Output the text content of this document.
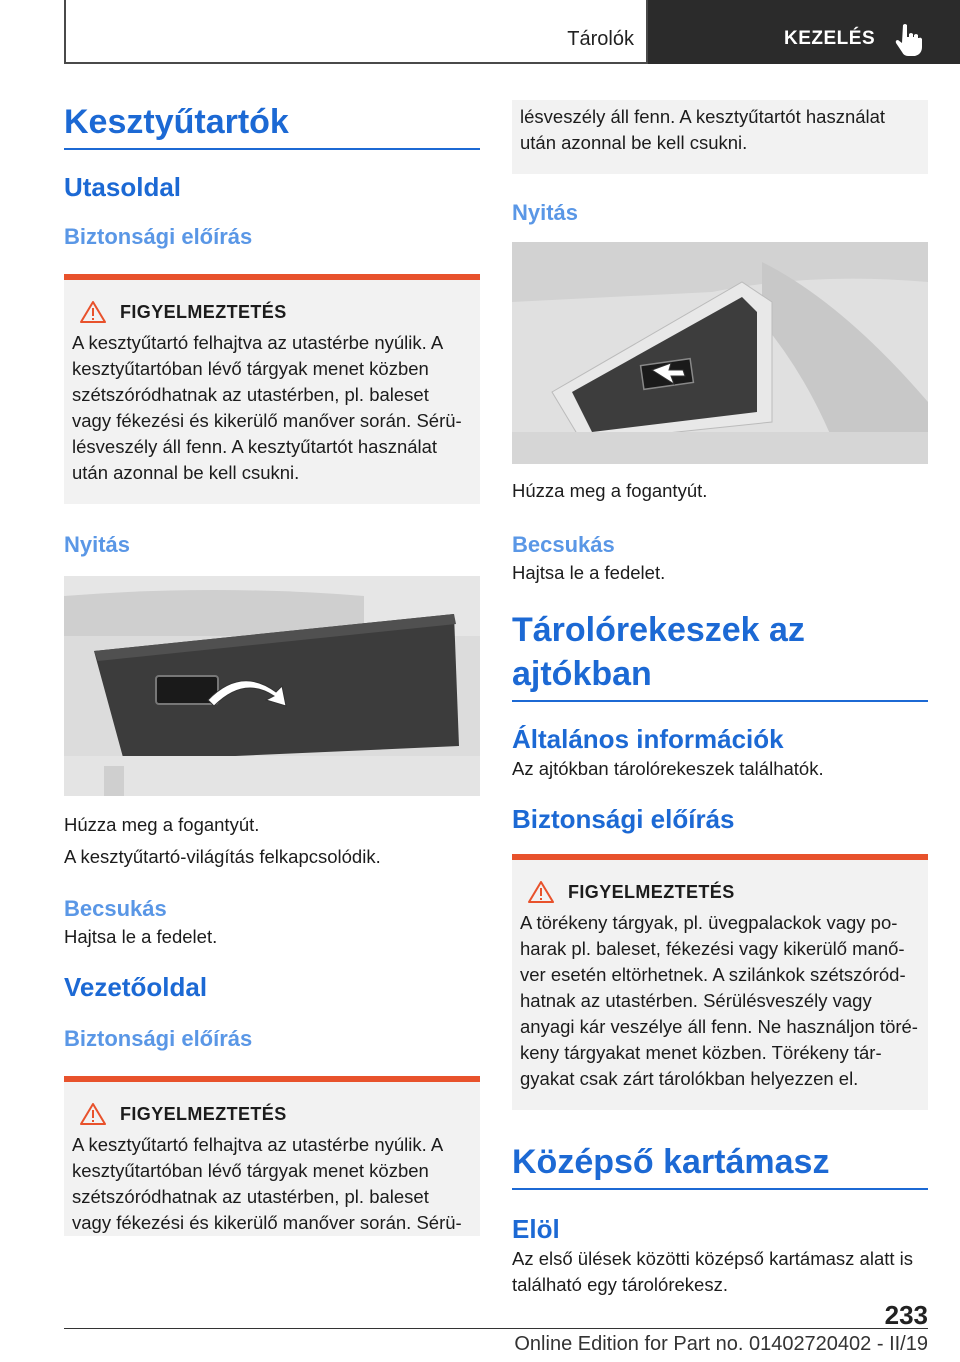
Tárolók	KEZELÉS
Kesztyűtartók
Utasoldal
Biztonsági előírás
FIGYELMEZTETÉS

A kesztyűtartó felhajtva az utastérbe nyúlik. A kesztyűtartóban lévő tárgyak menet közben szétszóródhatnak az utastérben, pl. baleset vagy fékezési és kikerülő manőver során. Sérü-lésveszély áll fenn. A kesztyűtartót használat után azonnal be kell csukni.

Nyitás

Húzza meg a fogantyút.

A kesztyűtartó-világítás felkapcsolódik.

Becsukás

Hajtsa le a fedelet.

Vezetőoldal
Biztonsági előírás
FIGYELMEZTETÉS

A kesztyűtartó felhajtva az utastérbe nyúlik. A kesztyűtartóban lévő tárgyak menet közben szétszóródhatnak az utastérben, pl. baleset vagy fékezési és kikerülő manőver során. Sérü-

lésveszély áll fenn. A kesztyűtartót használat után azonnal be kell csukni.

Nyitás

Húzza meg a fogantyút.

Becsukás

Hajtsa le a fedelet.

Tárolórekeszek az ajtókban
Általános információk

Az ajtókban tárolórekeszek találhatók.

Biztonsági előírás
FIGYELMEZTETÉS

A törékeny tárgyak, pl. üvegpalackok vagy po-harak pl. baleset, fékezési vagy kikerülő manő-ver esetén eltörhetnek. A szilánkok szétszóród-hatnak az utastérben. Sérülésveszély vagy anyagi kár veszélye áll fenn. Ne használjon töré-keny tárgyakat menet közben. Törékeny tár-gyakat csak zárt tárolókban helyezzen el.

Középső kartámasz
Elöl

Az első ülések közötti középső kartámasz alatt is található egy tárolórekesz.

233
Online Edition for Part no. 01402720402 - II/19
